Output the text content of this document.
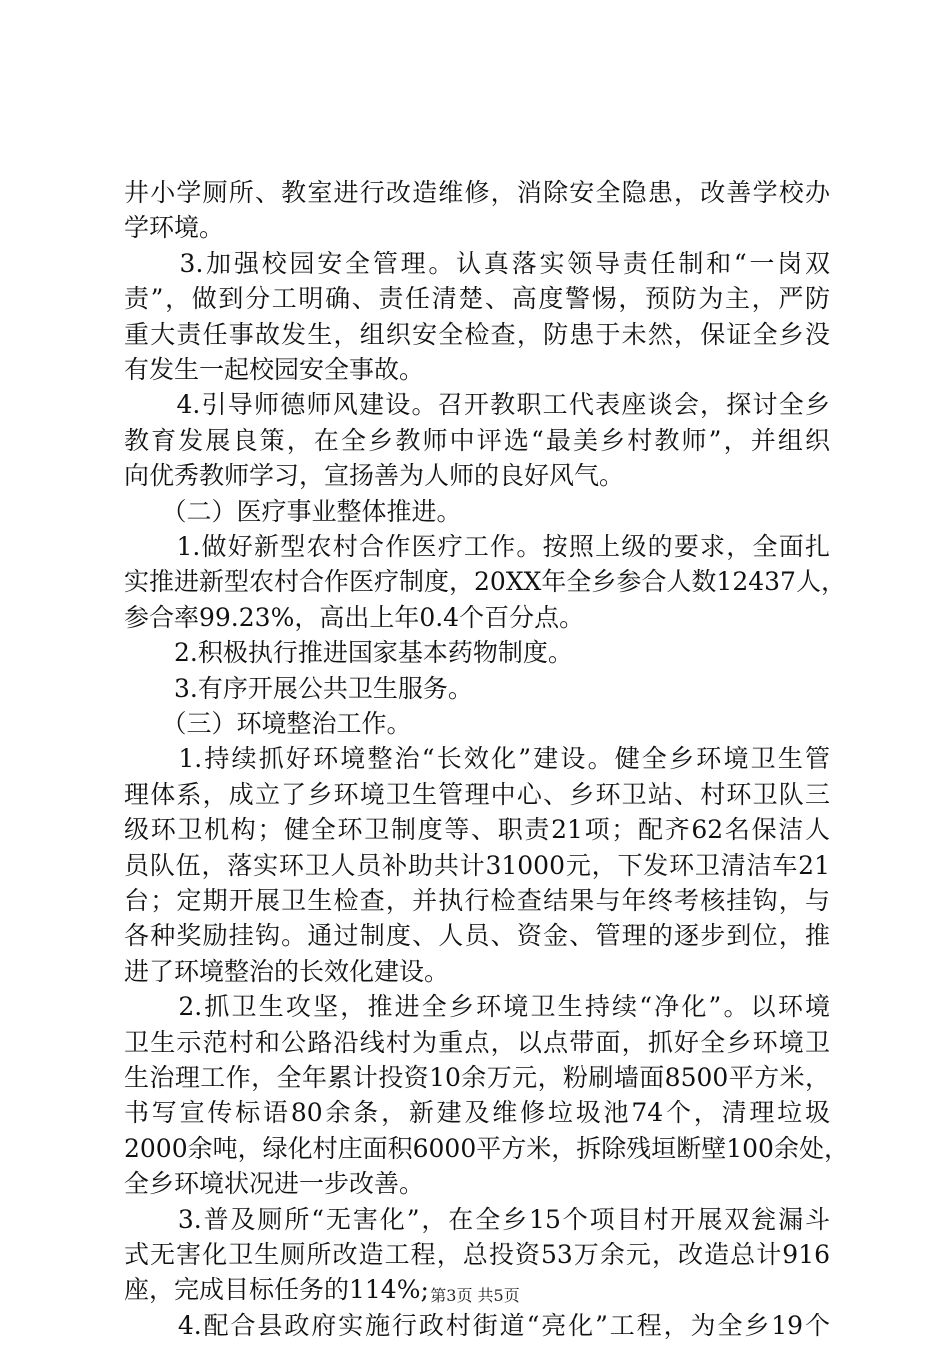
井小学厕所、教室进行改造维修，消除安全隐患，改善学校办
学环境。
　　3.加强校园安全管理。认真落实领导责任制和“一岗双
责”，做到分工明确、责任清楚、高度警惕，预防为主，严防
重大责任事故发生，组织安全检查，防患于未然，保证全乡没
有发生一起校园安全事故。
　　4.引导师德师风建设。召开教职工代表座谈会，探讨全乡
教育发展良策，在全乡教师中评选“最美乡村教师”，并组织
向优秀教师学习，宣扬善为人师的良好风气。
　　（二）医疗事业整体推进。
　　1.做好新型农村合作医疗工作。按照上级的要求，全面扎
实推进新型农村合作医疗制度，20XX年全乡参合人数12437人，
参合率99.23%，高出上年0.4个百分点。
　　2.积极执行推进国家基本药物制度。
　　3.有序开展公共卫生服务。
　　（三）环境整治工作。
　　1.持续抓好环境整治“长效化”建设。健全乡环境卫生管
理体系，成立了乡环境卫生管理中心、乡环卫站、村环卫队三
级环卫机构；健全环卫制度等、职责21项；配齐62名保洁人
员队伍，落实环卫人员补助共计31000元，下发环卫清洁车21
台；定期开展卫生检查，并执行检查结果与年终考核挂钩，与
各种奖励挂钩。通过制度、人员、资金、管理的逐步到位，推
进了环境整治的长效化建设。
　　2.抓卫生攻坚，推进全乡环境卫生持续“净化”。以环境
卫生示范村和公路沿线村为重点，以点带面，抓好全乡环境卫
生治理工作，全年累计投资10余万元，粉刷墙面8500平方米，
书写宣传标语80余条，新建及维修垃圾池74个，清理垃圾
2000余吨，绿化村庄面积6000平方米，拆除残垣断壁100余处，
全乡环境状况进一步改善。
　　3.普及厕所“无害化”，在全乡15个项目村开展双瓮漏斗
式无害化卫生厕所改造工程，总投资53万余元，改造总计916
座，完成目标任务的114%;
　　4.配合县政府实施行政村街道“亮化”工程，为全乡19个
第3页 共5页
